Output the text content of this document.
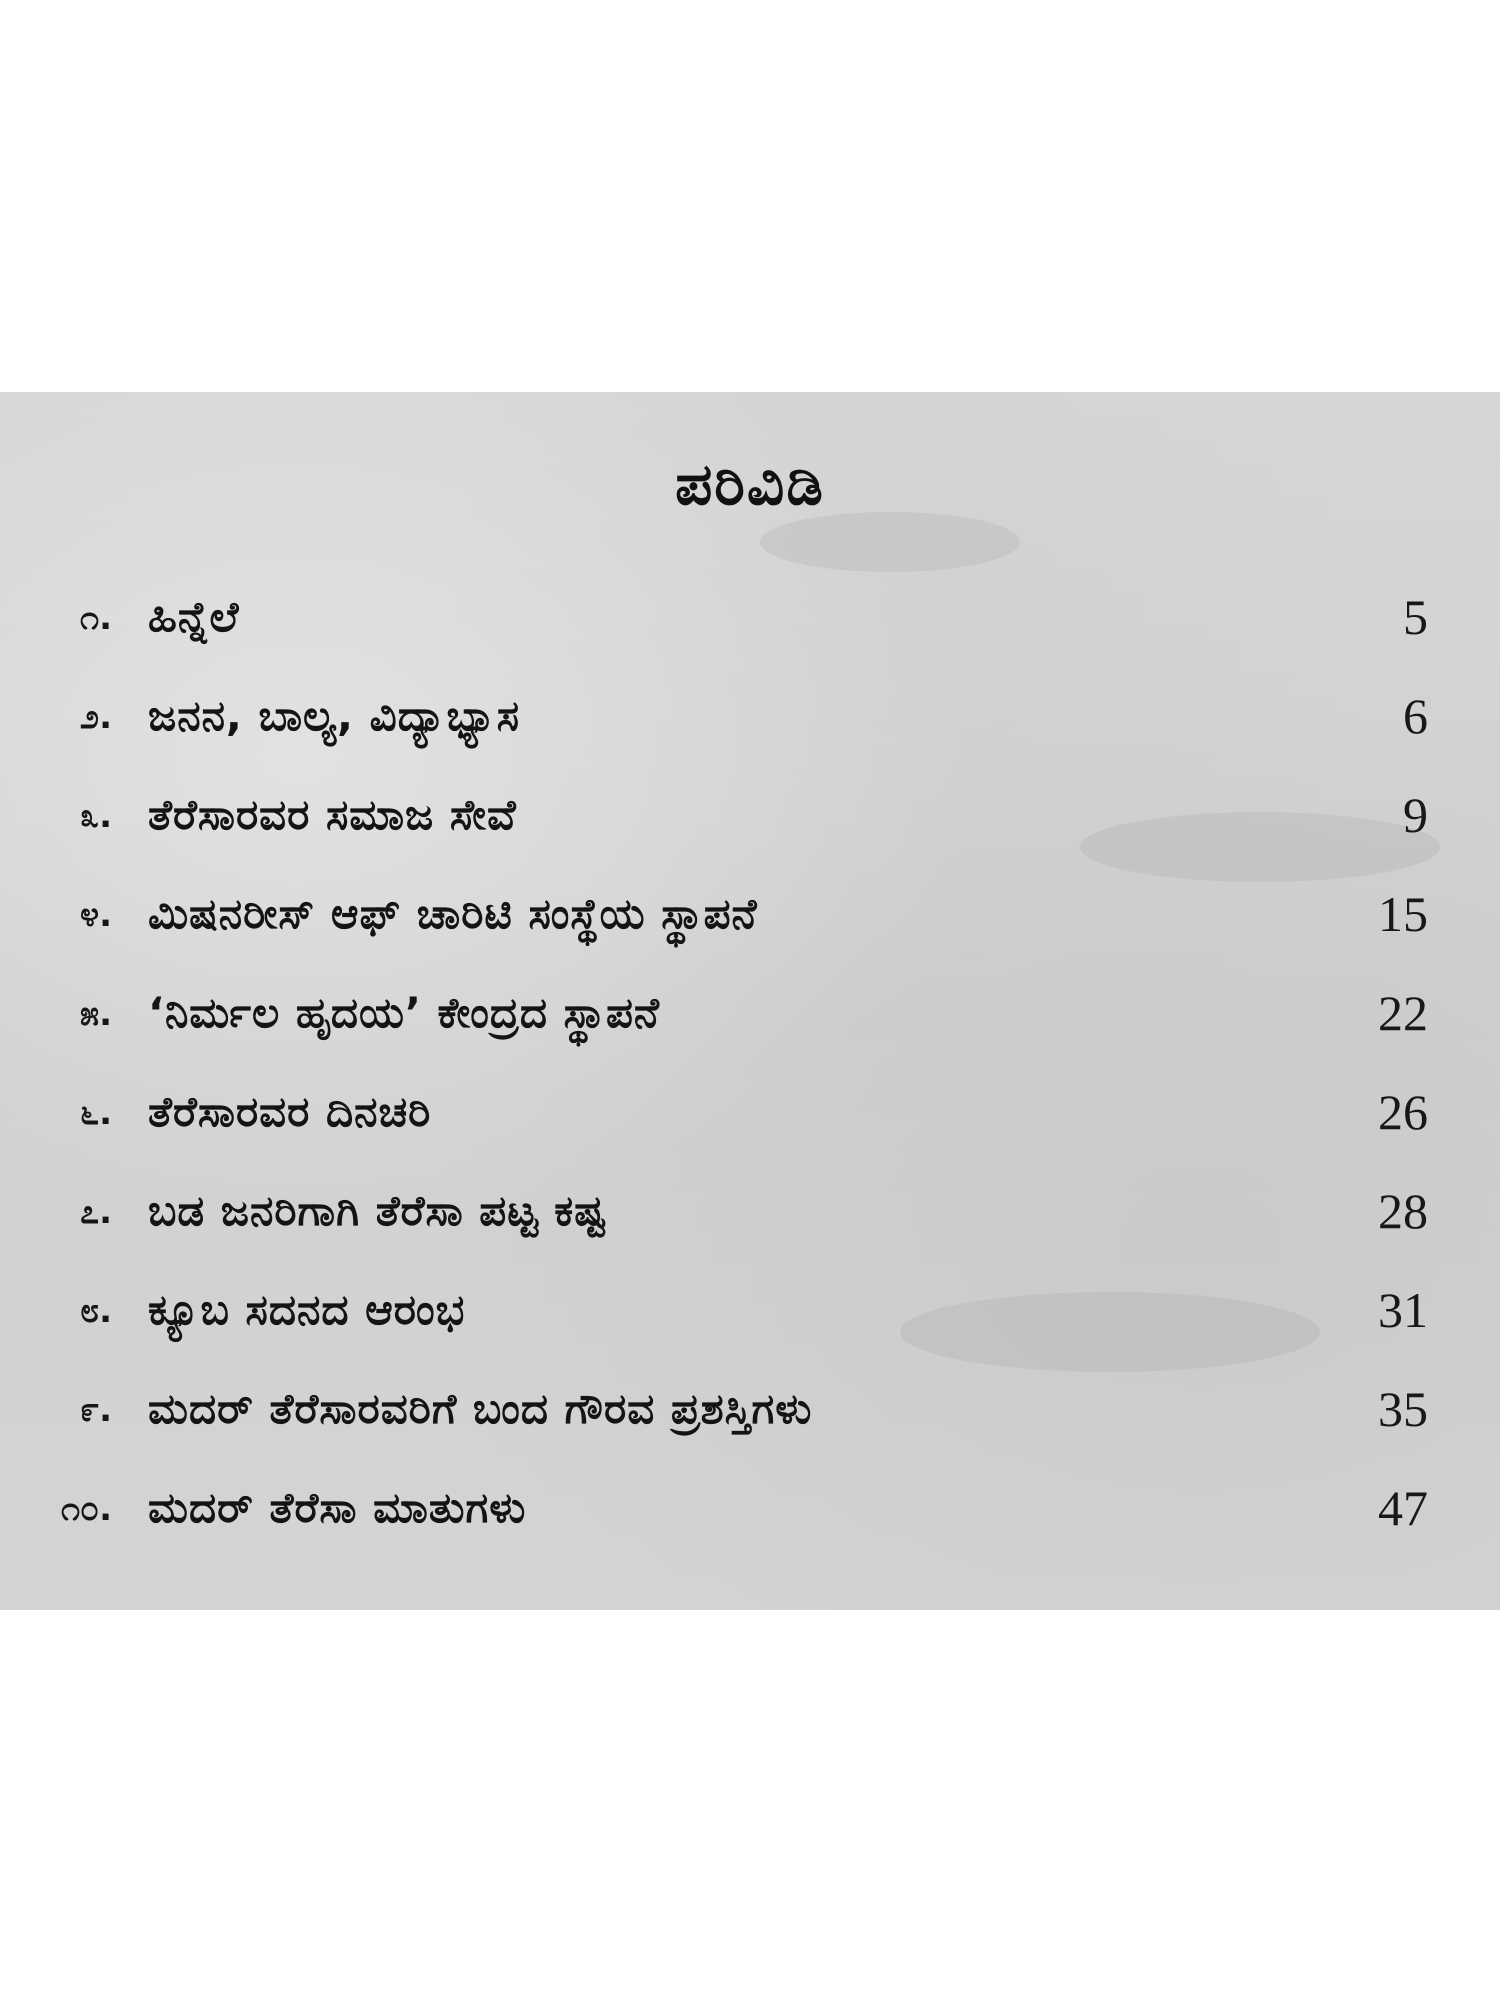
ಪರಿವಿಡಿ
೧. ಹಿನ್ನೆಲೆ	5
೨. ಜನನ, ಬಾಲ್ಯ, ವಿದ್ಯಾಭ್ಯಾಸ	6
೩. ತೆರೆಸಾರವರ ಸಮಾಜ ಸೇವೆ	9
೪. ಮಿಷನರೀಸ್ ಆಫ್ ಚಾರಿಟಿ ಸಂಸ್ಥೆಯ ಸ್ಥಾಪನೆ	15
೫. ‘ನಿರ್ಮಲ ಹೃದಯ’ ಕೇಂದ್ರದ ಸ್ಥಾಪನೆ	22
೬. ತೆರೆಸಾರವರ ದಿನಚರಿ	26
೭. ಬಡ ಜನರಿಗಾಗಿ ತೆರೆಸಾ ಪಟ್ಟ ಕಷ್ಟ	28
೮. ಕ್ಯೂಬ ಸದನದ ಆರಂಭ	31
೯. ಮದರ್ ತೆರೆಸಾರವರಿಗೆ ಬಂದ ಗೌರವ ಪ್ರಶಸ್ತಿಗಳು	35
೧೦. ಮದರ್ ತೆರೆಸಾ ಮಾತುಗಳು	47
